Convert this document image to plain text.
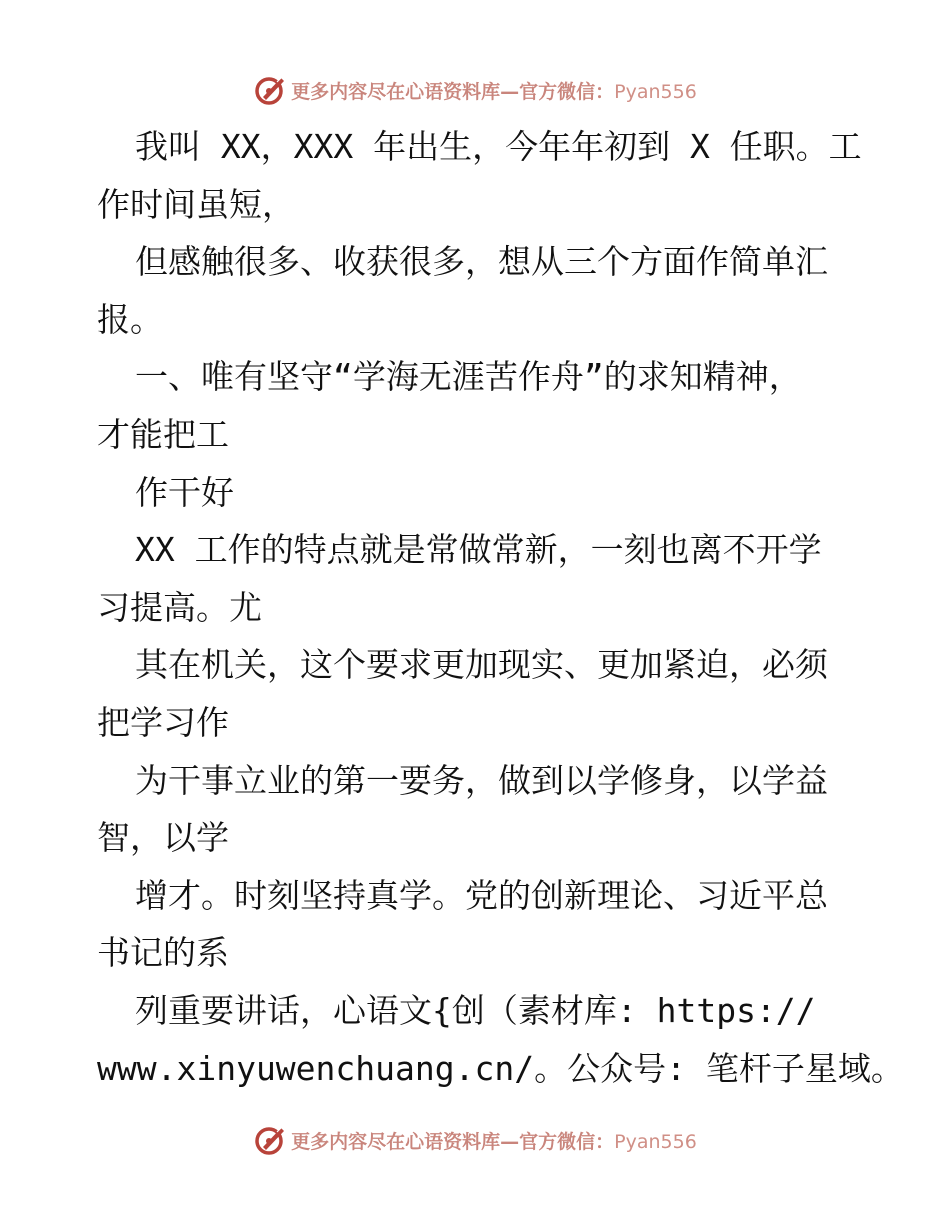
更多内容尽在心语资料库—官方微信：Pyan556
我叫 XX，XXX 年出生，今年年初到 X 任职。工
作时间虽短，
但感触很多、收获很多，想从三个方面作简单汇
报。
一、唯有坚守“学海无涯苦作舟”的求知精神，
才能把工
作干好
XX 工作的特点就是常做常新，一刻也离不开学
习提高。尤
其在机关，这个要求更加现实、更加紧迫，必须
把学习作
为干事立业的第一要务，做到以学修身，以学益
智，以学
增才。时刻坚持真学。党的创新理论、习近平总
书记的系
列重要讲话，心语文{创（素材库: https://
www.xinyuwenchuang.cn/。公众号: 笔杆子星域。
更多内容尽在心语资料库—官方微信：Pyan556
